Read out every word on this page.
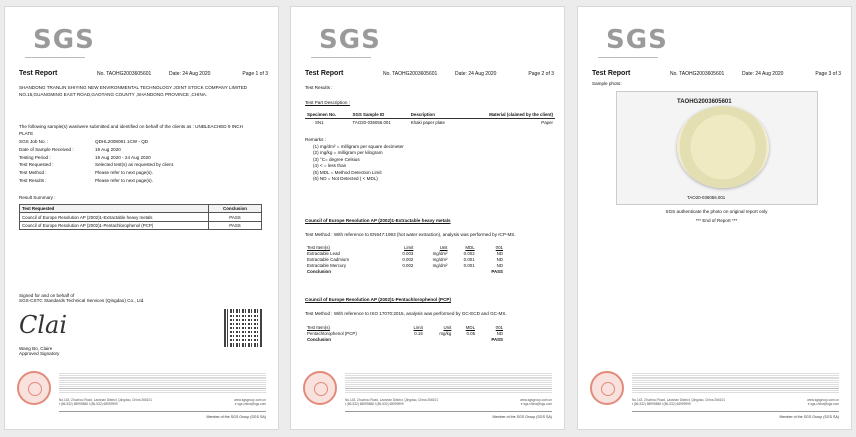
SGS
Test Report	No. TAOHG2003605601	Date: 24 Aug 2020	Page 1 of 3
SHANDONG TRANLIN SHIYING NEW ENVIRONMENTAL TECHNOLOGY JOINT STOCK COMPANY LIMITED
NO.15,GUANGMING EAST ROAD,GAOTANG COUNTY ,SHANDONG PROVINCE ,CHINA.
The following sample(s) was/were submitted and identified on behalf of the clients as : UNBLEACHED 9 INCH
PLATE
SGS Job No. :	QDHL2008081 1CW - QD
Date of Sample Received :	19 Aug 2020
Testing Period :	19 Aug 2020 - 24 Aug 2020
Test Requested :	Selected test(s) as requested by client.
Test Method :	Please refer to next page(s).
Test Results :	Please refer to next page(s).
Result Summary :
Test Requested	Conclusion
Council of Europe Resolution AP (2002)1-Extractable heavy metals	PASS
Council of Europe Resolution AP (2002)1-Pentachlorophenol (PCP)	PASS
Signed for and on behalf of
SGS-CSTC Standards Technical Services (Qingdao) Co., Ltd.
Clai
Wang Bo, Claire
Approved Signatory
No.143, Zhuzhou Road, Laoshan District, Qingdao, China 266101
t (86-532) 68999888 f (86-532) 68999999
www.sgsgroup.com.cn
e sgs.china@sgs.com
Member of the SGS Group (SGS SA)
SGS
Test Report	No. TAOHG2003605601	Date: 24 Aug 2020	Page 2 of 3
Test Results :
Test Part Description :
Specimen No.	SGS Sample ID	Description	Material (claimed by the client)
SN1	TAO20-036056.001	Khaki paper plate	Paper
Remarks :
(1) mg/dm² = milligram per square decimeter
(2) mg/kg = milligram per kilogram
(3) °C= degree Celsius
(4) < = less than
(5) MDL = Method Detection Limit
(6) ND = Not Detected ( < MDL)
Council of Europe Resolution AP (2002)1-Extractable heavy metals
Test Method : With reference to EN647:1993 (hot water extraction), analysis was performed by ICP-MS.
Test Item(s)	Limit	Unit	MDL	001
Extractable Lead	0.003	mg/dm²	0.002	ND
Extractable Cadmium	0.002	mg/dm²	0.001	ND
Extractable Mercury	0.002	mg/dm²	0.001	ND
Conclusion				PASS
Council of Europe Resolution AP (2002)1-Pentachlorophenol (PCP)
Test Method : With reference to ISO 17070:2015, analysis was performed by GC-ECD and GC-MS.
Test Item(s)	Limit	Unit	MDL	001
Pentachlorophenol (PCP)	0.15	mg/kg	0.05	ND
Conclusion				PASS
No.143, Zhuzhou Road, Laoshan District, Qingdao, China 266101
t (86-532) 68999888 f (86-532) 68999999
www.sgsgroup.com.cn
e sgs.china@sgs.com
Member of the SGS Group (SGS SA)
SGS
Test Report	No. TAOHG2003605601	Date: 24 Aug 2020	Page 3 of 3
Sample photo:
TAOHG2003605601
TAO20-036056.001
SGS authenticate the photo on original report only
*** End of Report ***
No.143, Zhuzhou Road, Laoshan District, Qingdao, China 266101
t (86-532) 68999888 f (86-532) 68999999
www.sgsgroup.com.cn
e sgs.china@sgs.com
Member of the SGS Group (SGS SA)
